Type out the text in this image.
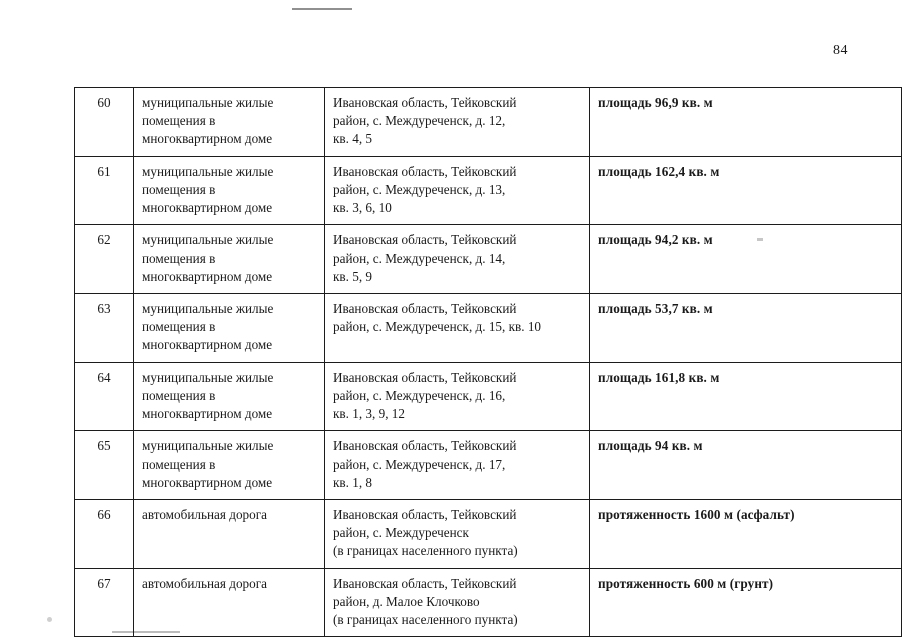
84
60	муниципальные жилые
помещения в
многоквартирном доме	Ивановская область, Тейковский
район, с. Междуреченск, д. 12,
кв. 4, 5	площадь 96,9 кв. м

61	муниципальные жилые
помещения в
многоквартирном доме	Ивановская область, Тейковский
район, с. Междуреченск, д. 13,
кв. 3, 6, 10	площадь 162,4 кв. м

62	муниципальные жилые
помещения в
многоквартирном доме	Ивановская область, Тейковский
район, с. Междуреченск, д. 14,
кв. 5, 9	площадь 94,2 кв. м

63	муниципальные жилые
помещения в
многоквартирном доме	Ивановская область, Тейковский
район, с. Междуреченск, д. 15, кв. 10	площадь 53,7 кв. м

64	муниципальные жилые
помещения в
многоквартирном доме	Ивановская область, Тейковский
район, с. Междуреченск, д. 16,
кв. 1, 3, 9, 12	площадь 161,8 кв. м

65	муниципальные жилые
помещения в
многоквартирном доме	Ивановская область, Тейковский
район, с. Междуреченск, д. 17,
кв. 1, 8	площадь 94 кв. м

66	автомобильная дорога	Ивановская область, Тейковский
район, с. Междуреченск
(в границах населенного пункта)	протяженность 1600 м (асфальт)

67	автомобильная дорога	Ивановская область, Тейковский
район, д. Малое Клочково
(в границах населенного пункта)	протяженность 600 м (грунт)
